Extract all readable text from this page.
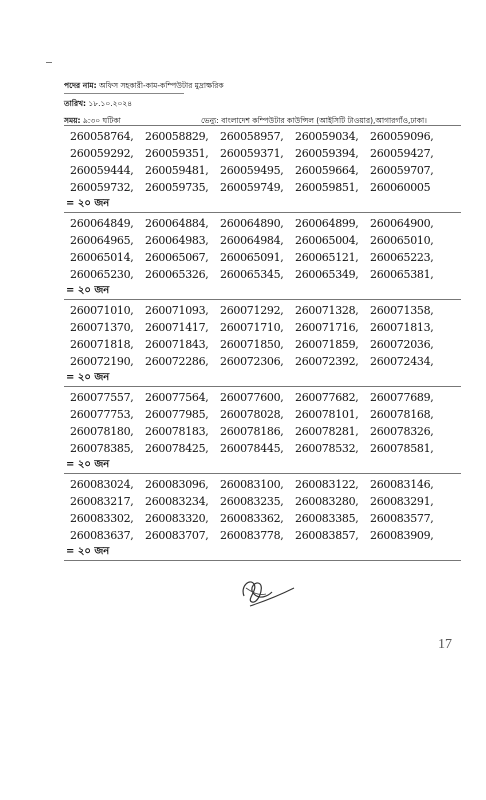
পদের নাম: অফিস সহকারী-কাম-কম্পিউটার মুদ্রাক্ষরিক
তারিখ: ১৮.১০.২০২৪
সময়: ৯:৩০ ঘটিকা	ভেন্যু: বাংলাদেশ কম্পিউটার কাউন্সিল (আইসিটি টাওয়ার),আগারগাঁও,ঢাকা।
260058764,	260058829,	260058957,	260059034,	260059096,
260059292,	260059351,	260059371,	260059394,	260059427,
260059444,	260059481,	260059495,	260059664,	260059707,
260059732,	260059735,	260059749,	260059851,	260060005
= ২০ জন
260064849,	260064884,	260064890,	260064899,	260064900,
260064965,	260064983,	260064984,	260065004,	260065010,
260065014,	260065067,	260065091,	260065121,	260065223,
260065230,	260065326,	260065345,	260065349,	260065381,
= ২০ জন
260071010,	260071093,	260071292,	260071328,	260071358,
260071370,	260071417,	260071710,	260071716,	260071813,
260071818,	260071843,	260071850,	260071859,	260072036,
260072190,	260072286,	260072306,	260072392,	260072434,
= ২০ জন
260077557,	260077564,	260077600,	260077682,	260077689,
260077753,	260077985,	260078028,	260078101,	260078168,
260078180,	260078183,	260078186,	260078281,	260078326,
260078385,	260078425,	260078445,	260078532,	260078581,
= ২০ জন
260083024,	260083096,	260083100,	260083122,	260083146,
260083217,	260083234,	260083235,	260083280,	260083291,
260083302,	260083320,	260083362,	260083385,	260083577,
260083637,	260083707,	260083778,	260083857,	260083909,
= ২০ জন
17
